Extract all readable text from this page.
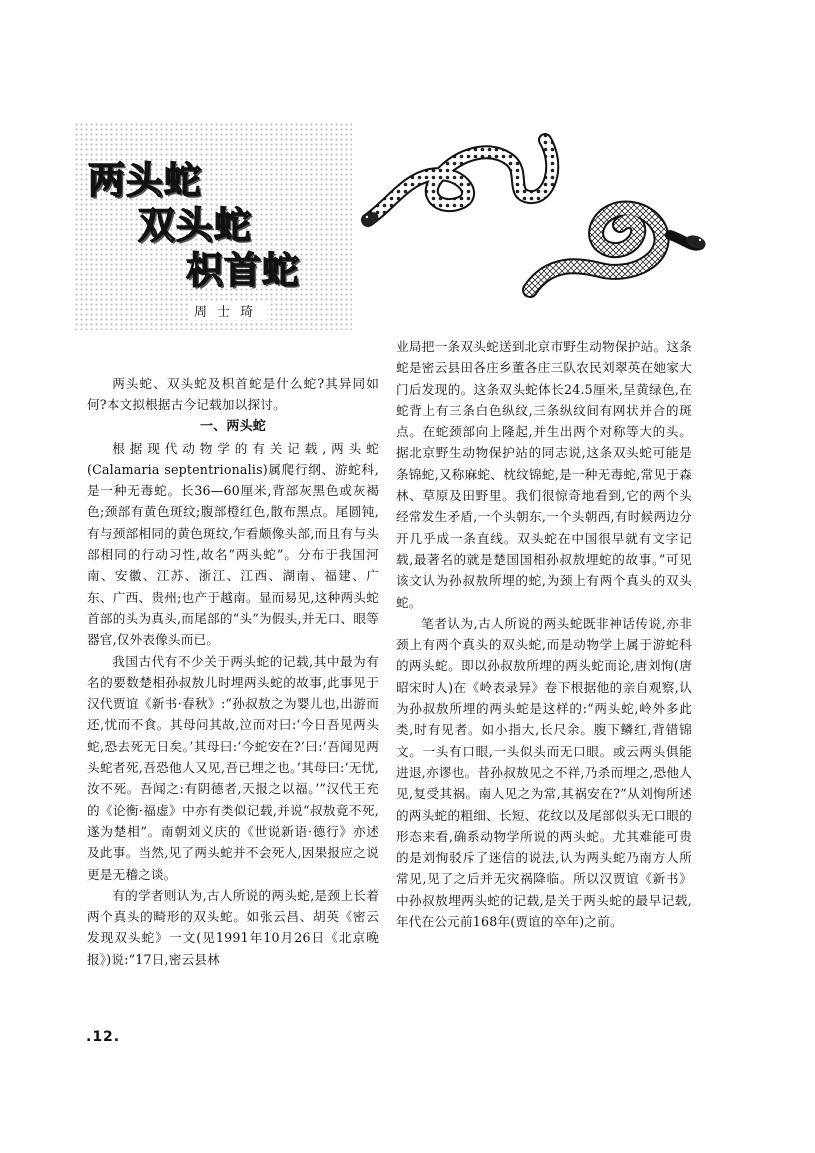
两头蛇
双头蛇
枳首蛇
周士琦

两头蛇、双头蛇及枳首蛇是什么蛇?其异同如何?本文拟根据古今记载加以探讨。

一、两头蛇

根据现代动物学的有关记载,两头蛇(Calamaria septentrionalis)属爬行纲、游蛇科,是一种无毒蛇。长36—60厘米,背部灰黑色或灰褐色;颈部有黄色斑纹;腹部橙红色,散布黑点。尾圆钝,有与颈部相同的黄色斑纹,乍看颇像头部,而且有与头部相同的行动习性,故名“两头蛇”。分布于我国河南、安徽、江苏、浙江、江西、湖南、福建、广东、广西、贵州;也产于越南。显而易见,这种两头蛇首部的头为真头,而尾部的“头”为假头,并无口、眼等器官,仅外表像头而已。

我国古代有不少关于两头蛇的记载,其中最为有名的要数楚相孙叔敖儿时埋两头蛇的故事,此事见于汉代贾谊《新书·春秋》:“孙叔敖之为婴儿也,出游而还,忧而不食。其母问其故,泣而对曰:‘今日吾见两头蛇,恐去死无日矣。’其母曰:‘今蛇安在?’曰:‘吾闻见两头蛇者死,吾恐他人又见,吾已埋之也。’其母曰:‘无忧,汝不死。吾闻之:有阴德者,天报之以福。’”汉代王充的《论衡·福虚》中亦有类似记载,并说“叔敖竟不死,遂为楚相”。南朝刘义庆的《世说新语·德行》亦述及此事。当然,见了两头蛇并不会死人,因果报应之说更是无稽之谈。

有的学者则认为,古人所说的两头蛇,是颈上长着两个真头的畸形的双头蛇。如张云昌、胡英《密云发现双头蛇》一文(见1991年10月26日《北京晚报》)说:“17日,密云县林

业局把一条双头蛇送到北京市野生动物保护站。这条蛇是密云县田各庄乡董各庄三队农民刘翠英在她家大门后发现的。这条双头蛇体长24.5厘米,呈黄绿色,在蛇背上有三条白色纵纹,三条纵纹间有网状并合的斑点。在蛇颈部向上隆起,并生出两个对称等大的头。据北京野生动物保护站的同志说,这条双头蛇可能是条锦蛇,又称麻蛇、枕纹锦蛇,是一种无毒蛇,常见于森林、草原及田野里。我们很惊奇地看到,它的两个头经常发生矛盾,一个头朝东,一个头朝西,有时候两边分开几乎成一条直线。双头蛇在中国很早就有文字记载,最著名的就是楚国国相孙叔敖埋蛇的故事。”可见该文认为孙叔敖所埋的蛇,为颈上有两个真头的双头蛇。

笔者认为,古人所说的两头蛇既非神话传说,亦非颈上有两个真头的双头蛇,而是动物学上属于游蛇科的两头蛇。即以孙叔敖所埋的两头蛇而论,唐刘恂(唐昭宋时人)在《岭表录异》卷下根据他的亲自观察,认为孙叔敖所埋的两头蛇是这样的:“两头蛇,岭外多此类,时有见者。如小指大,长尺余。腹下鳞红,背错锦文。一头有口眼,一头似头而无口眼。或云两头俱能进退,亦谬也。昔孙叔敖见之不祥,乃杀而埋之,恐他人见,复受其祸。南人见之为常,其祸安在?”从刘恂所述的两头蛇的粗细、长短、花纹以及尾部似头无口眼的形态来看,确系动物学所说的两头蛇。尤其难能可贵的是刘恂驳斥了迷信的说法,认为两头蛇乃南方人所常见,见了之后并无灾祸降临。所以汉贾谊《新书》中孙叔敖埋两头蛇的记载,是关于两头蛇的最早记载,年代在公元前168年(贾谊的卒年)之前。

.12.
